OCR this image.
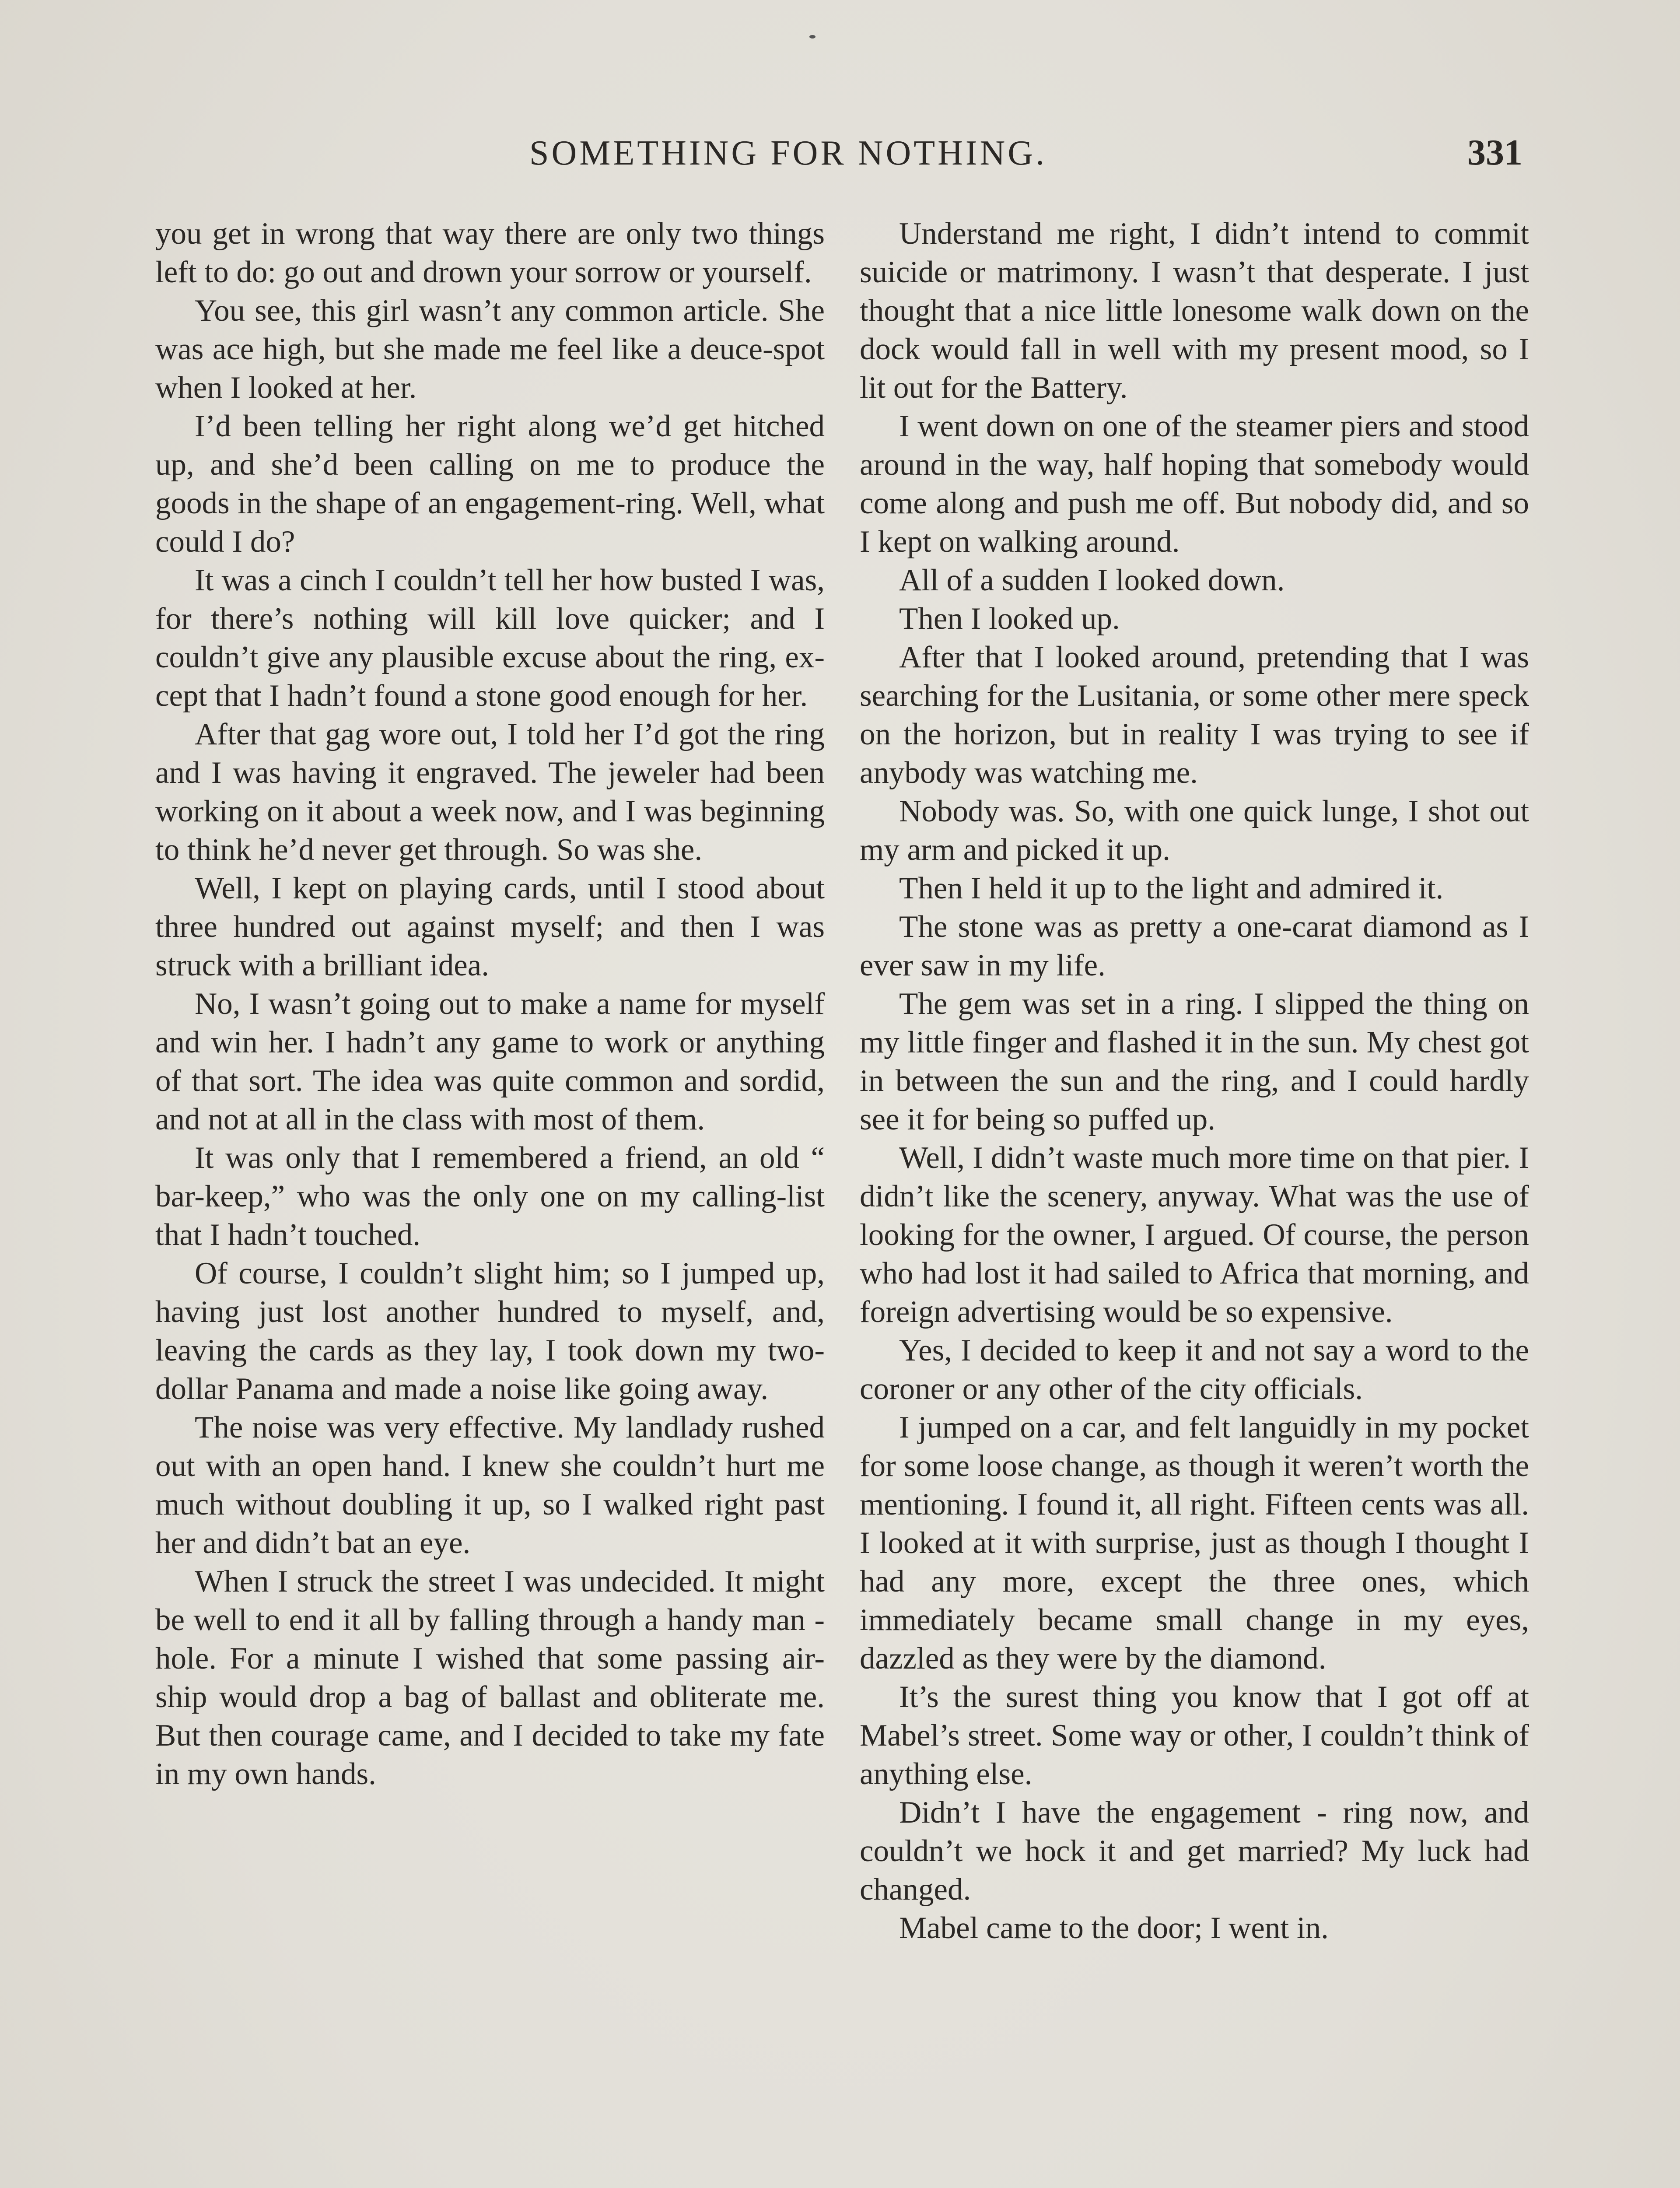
SOMETHING FOR NOTHING.	331

you get in wrong that way there are only two things left to do: go out and drown your sorrow or yourself.

You see, this girl wasn’t any common article. She was ace high, but she made me feel like a deuce-spot when I looked at her.

I’d been telling her right along we’d get hitched up, and she’d been calling on me to produce the goods in the shape of an engagement-ring. Well, what could I do?

It was a cinch I couldn’t tell her how busted I was, for there’s nothing will kill love quicker; and I couldn’t give any plausible excuse about the ring, except that I hadn’t found a stone good enough for her.

After that gag wore out, I told her I’d got the ring and I was having it engraved. The jeweler had been working on it about a week now, and I was beginning to think he’d never get through. So was she.

Well, I kept on playing cards, until I stood about three hundred out against myself; and then I was struck with a brilliant idea.

No, I wasn’t going out to make a name for myself and win her. I hadn’t any game to work or anything of that sort. The idea was quite common and sordid, and not at all in the class with most of them.

It was only that I remembered a friend, an old “ bar-keep,” who was the only one on my calling-list that I hadn’t touched.

Of course, I couldn’t slight him; so I jumped up, having just lost another hundred to myself, and, leaving the cards as they lay, I took down my two-dollar Panama and made a noise like going away.

The noise was very effective. My landlady rushed out with an open hand. I knew she couldn’t hurt me much without doubling it up, so I walked right past her and didn’t bat an eye.

When I struck the street I was undecided. It might be well to end it all by falling through a handy man - hole. For a minute I wished that some passing air-ship would drop a bag of ballast and obliterate me. But then courage came, and I decided to take my fate in my own hands.

Understand me right, I didn’t intend to commit suicide or matrimony. I wasn’t that desperate. I just thought that a nice little lonesome walk down on the dock would fall in well with my present mood, so I lit out for the Battery.

I went down on one of the steamer piers and stood around in the way, half hoping that somebody would come along and push me off. But nobody did, and so I kept on walking around.

All of a sudden I looked down.

Then I looked up.

After that I looked around, pretending that I was searching for the Lusitania, or some other mere speck on the horizon, but in reality I was trying to see if anybody was watching me.

Nobody was. So, with one quick lunge, I shot out my arm and picked it up.

Then I held it up to the light and admired it.

The stone was as pretty a one-carat diamond as I ever saw in my life.

The gem was set in a ring. I slipped the thing on my little finger and flashed it in the sun. My chest got in between the sun and the ring, and I could hardly see it for being so puffed up.

Well, I didn’t waste much more time on that pier. I didn’t like the scenery, anyway. What was the use of looking for the owner, I argued. Of course, the person who had lost it had sailed to Africa that morning, and foreign advertising would be so expensive.

Yes, I decided to keep it and not say a word to the coroner or any other of the city officials.

I jumped on a car, and felt languidly in my pocket for some loose change, as though it weren’t worth the mentioning. I found it, all right. Fifteen cents was all. I looked at it with surprise, just as though I thought I had any more, except the three ones, which immediately became small change in my eyes, dazzled as they were by the diamond.

It’s the surest thing you know that I got off at Mabel’s street. Some way or other, I couldn’t think of anything else.

Didn’t I have the engagement - ring now, and couldn’t we hock it and get married? My luck had changed.

Mabel came to the door; I went in.
